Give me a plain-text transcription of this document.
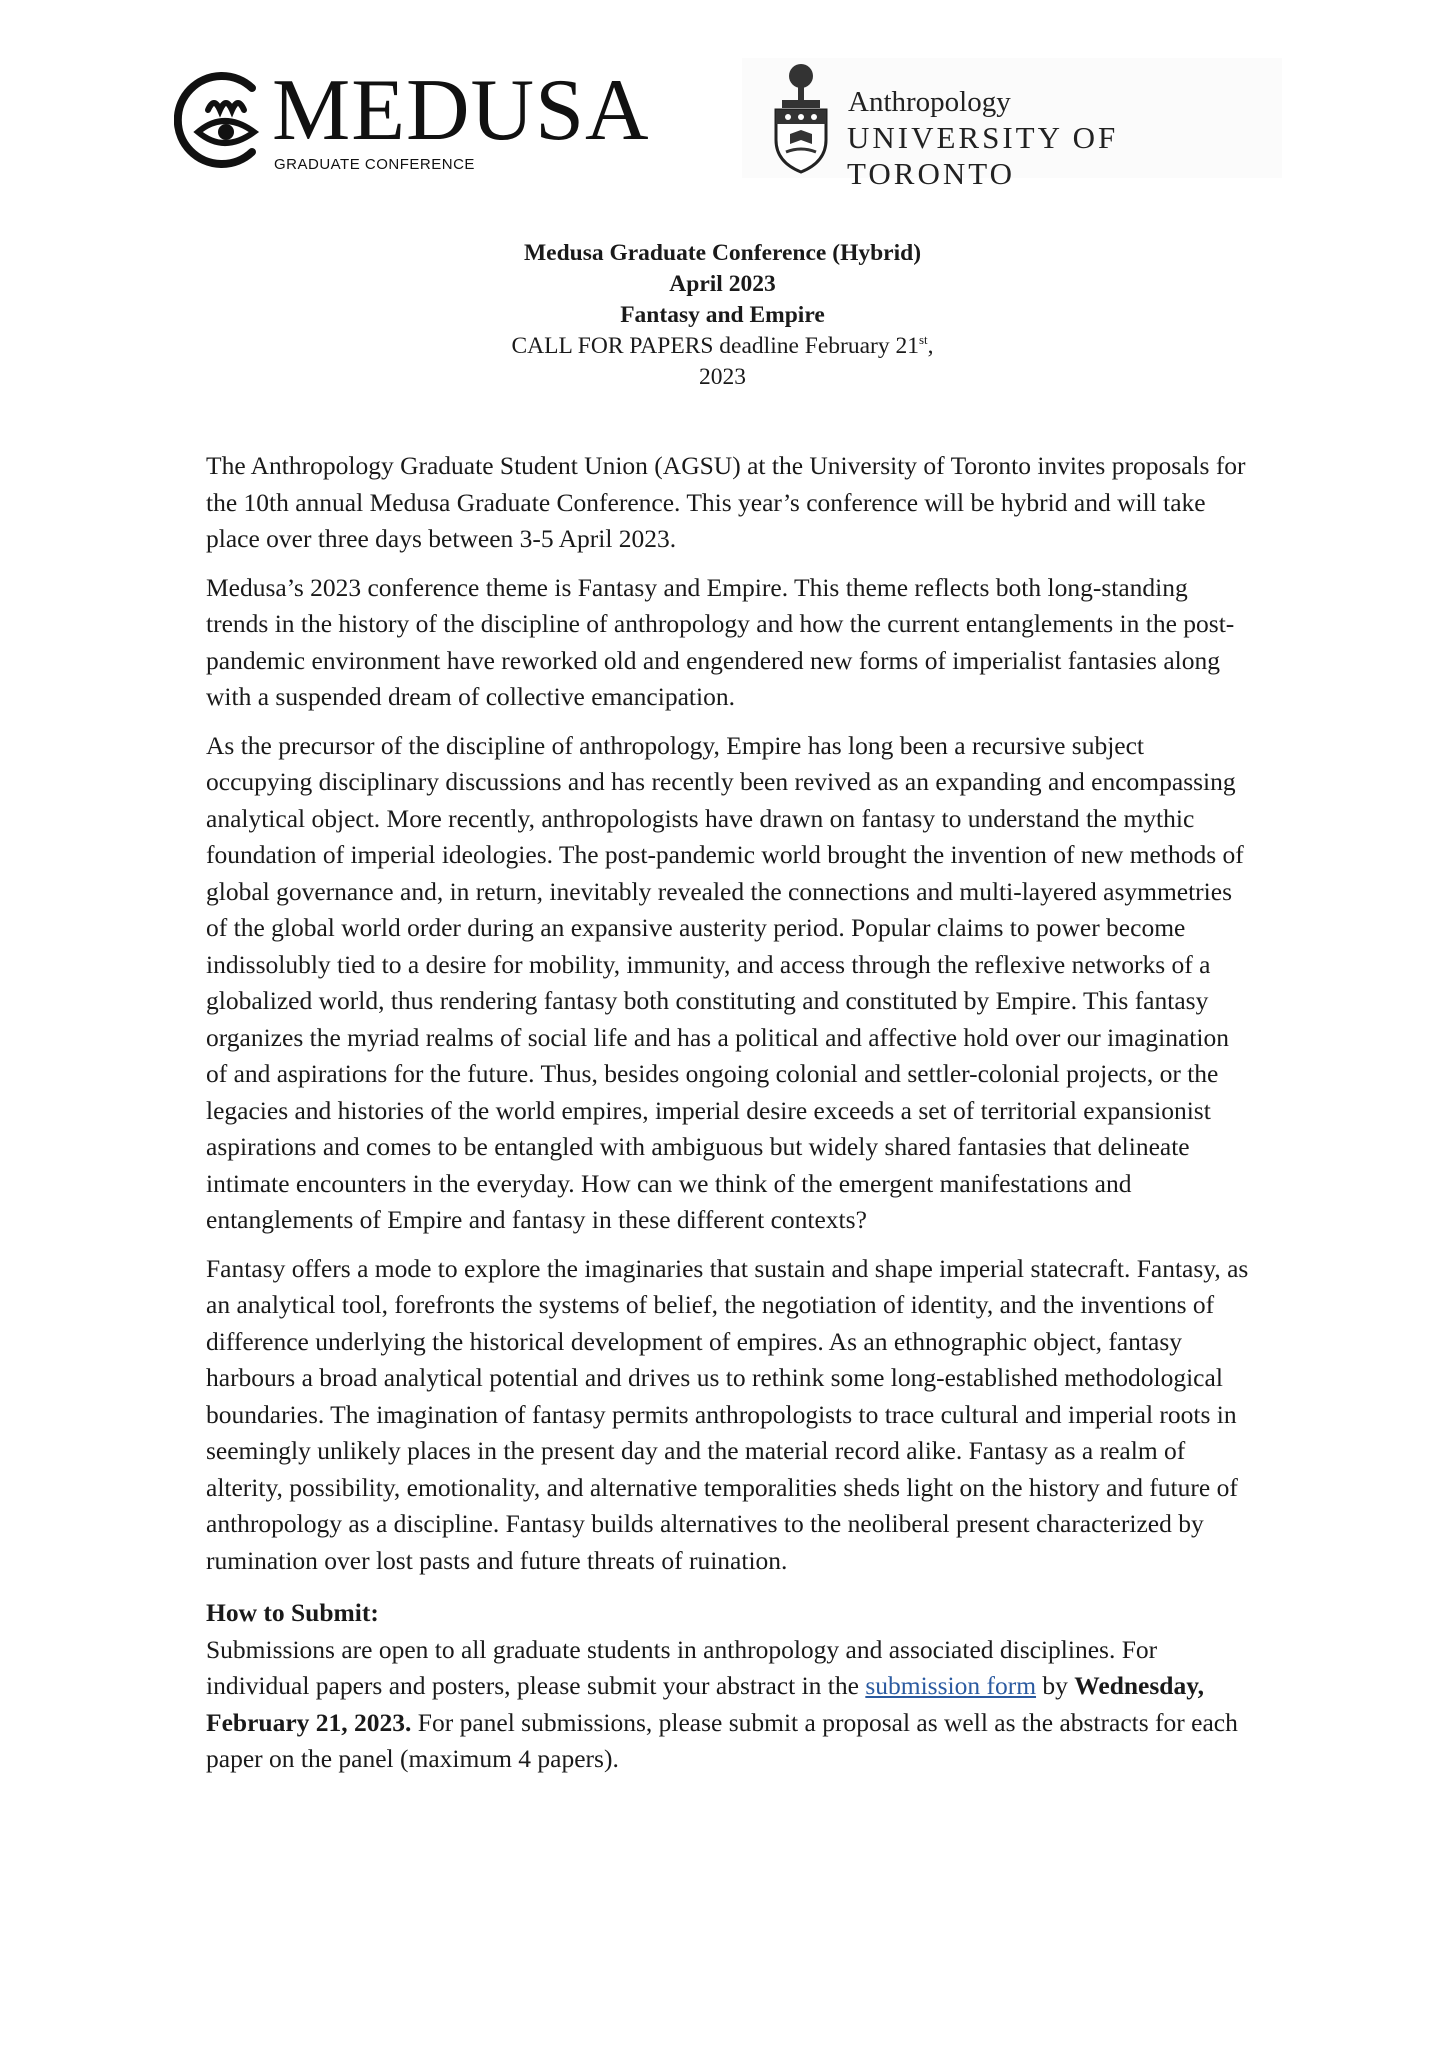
MEDUSA
GRADUATE CONFERENCE
Anthropology
UNIVERSITY OF TORONTO
Medusa Graduate Conference (Hybrid)
April 2023
Fantasy and Empire
CALL FOR PAPERS deadline February 21st,
2023

The Anthropology Graduate Student Union (AGSU) at the University of Toronto invites proposals for the 10th annual Medusa Graduate Conference. This year’s conference will be hybrid and will take place over three days between 3-5 April 2023.

Medusa’s 2023 conference theme is Fantasy and Empire. This theme reflects both long-standing trends in the history of the discipline of anthropology and how the current entanglements in the post-pandemic environment have reworked old and engendered new forms of imperialist fantasies along with a suspended dream of collective emancipation.

As the precursor of the discipline of anthropology, Empire has long been a recursive subject occupying disciplinary discussions and has recently been revived as an expanding and encompassing analytical object. More recently, anthropologists have drawn on fantasy to understand the mythic foundation of imperial ideologies. The post-pandemic world brought the invention of new methods of global governance and, in return, inevitably revealed the connections and multi-layered asymmetries of the global world order during an expansive austerity period. Popular claims to power become indissolubly tied to a desire for mobility, immunity, and access through the reflexive networks of a globalized world, thus rendering fantasy both constituting and constituted by Empire. This fantasy organizes the myriad realms of social life and has a political and affective hold over our imagination of and aspirations for the future. Thus, besides ongoing colonial and settler-colonial projects, or the legacies and histories of the world empires, imperial desire exceeds a set of territorial expansionist aspirations and comes to be entangled with ambiguous but widely shared fantasies that delineate intimate encounters in the everyday. How can we think of the emergent manifestations and entanglements of Empire and fantasy in these different contexts?

Fantasy offers a mode to explore the imaginaries that sustain and shape imperial statecraft. Fantasy, as an analytical tool, forefronts the systems of belief, the negotiation of identity, and the inventions of difference underlying the historical development of empires. As an ethnographic object, fantasy harbours a broad analytical potential and drives us to rethink some long-established methodological boundaries. The imagination of fantasy permits anthropologists to trace cultural and imperial roots in seemingly unlikely places in the present day and the material record alike. Fantasy as a realm of alterity, possibility, emotionality, and alternative temporalities sheds light on the history and future of anthropology as a discipline. Fantasy builds alternatives to the neoliberal present characterized by rumination over lost pasts and future threats of ruination.

How to Submit:
Submissions are open to all graduate students in anthropology and associated disciplines. For individual papers and posters, please submit your abstract in the submission form by Wednesday, February 21, 2023. For panel submissions, please submit a proposal as well as the abstracts for each paper on the panel (maximum 4 papers).
